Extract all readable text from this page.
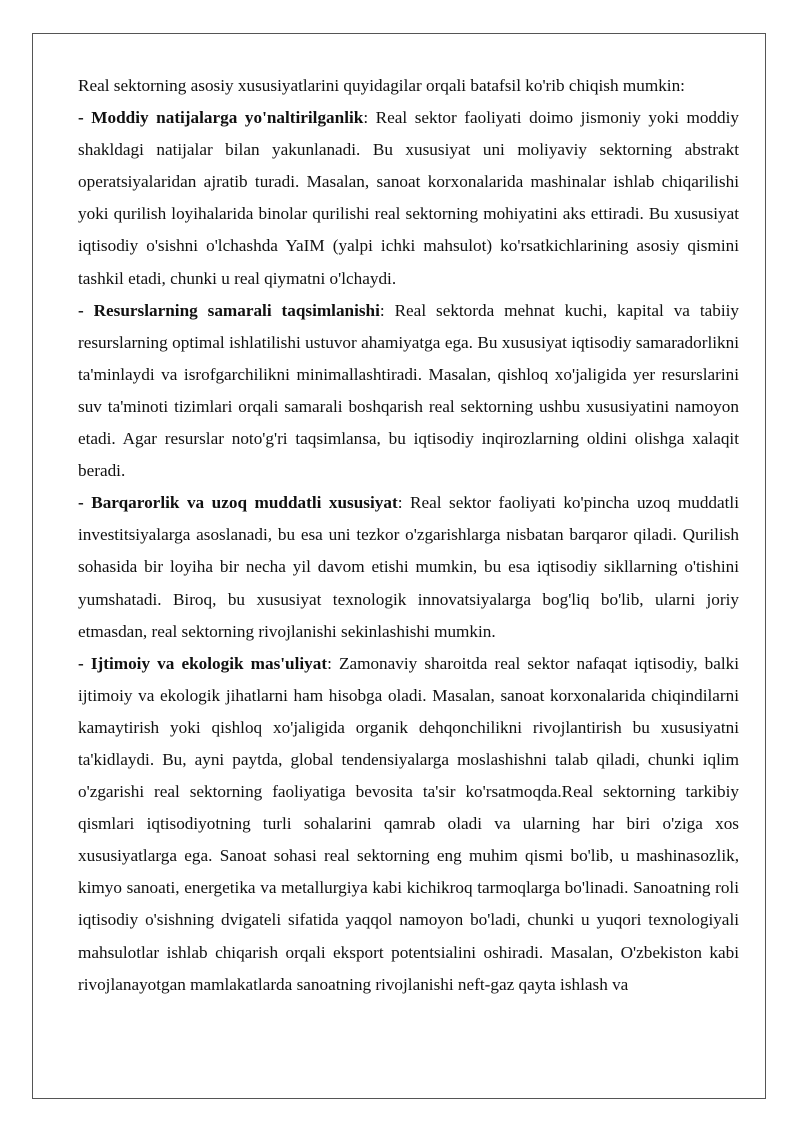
Real sektorning asosiy xususiyatlarini quyidagilar orqali batafsil ko'rib chiqish mumkin:

- Moddiy natijalarga yo'naltirilganlik: Real sektor faoliyati doimo jismoniy yoki moddiy shakldagi natijalar bilan yakunlanadi. Bu xususiyat uni moliyaviy sektorning abstrakt operatsiyalaridan ajratib turadi. Masalan, sanoat korxonalarida mashinalar ishlab chiqarilishi yoki qurilish loyihalarida binolar qurilishi real sektorning mohiyatini aks ettiradi. Bu xususiyat iqtisodiy o'sishni o'lchashda YaIM (yalpi ichki mahsulot) ko'rsatkichlarining asosiy qismini tashkil etadi, chunki u real qiymatni o'lchaydi.

- Resurslarning samarali taqsimlanishi: Real sektorda mehnat kuchi, kapital va tabiiy resurslarning optimal ishlatilishi ustuvor ahamiyatga ega. Bu xususiyat iqtisodiy samaradorlikni ta'minlaydi va isrofgarchilikni minimallashtiradi. Masalan, qishloq xo'jaligida yer resurslarini suv ta'minoti tizimlari orqali samarali boshqarish real sektorning ushbu xususiyatini namoyon etadi. Agar resurslar noto'g'ri taqsimlansa, bu iqtisodiy inqirozlarning oldini olishga xalaqit beradi.

- Barqarorlik va uzoq muddatli xususiyat: Real sektor faoliyati ko'pincha uzoq muddatli investitsiyalarga asoslanadi, bu esa uni tezkor o'zgarishlarga nisbatan barqaror qiladi. Qurilish sohasida bir loyiha bir necha yil davom etishi mumkin, bu esa iqtisodiy sikllarning o'tishini yumshatadi. Biroq, bu xususiyat texnologik innovatsiyalarga bog'liq bo'lib, ularni joriy etmasdan, real sektorning rivojlanishi sekinlashishi mumkin.

- Ijtimoiy va ekologik mas'uliyat: Zamonaviy sharoitda real sektor nafaqat iqtisodiy, balki ijtimoiy va ekologik jihatlarni ham hisobga oladi. Masalan, sanoat korxonalarida chiqindilarni kamaytirish yoki qishloq xo'jaligida organik dehqonchilikni rivojlantirish bu xususiyatni ta'kidlaydi. Bu, ayni paytda, global tendensiyalarga moslashishni talab qiladi, chunki iqlim o'zgarishi real sektorning faoliyatiga bevosita ta'sir ko'rsatmoqda.Real sektorning tarkibiy qismlari iqtisodiyotning turli sohalarini qamrab oladi va ularning har biri o'ziga xos xususiyatlarga ega. Sanoat sohasi real sektorning eng muhim qismi bo'lib, u mashinasozlik, kimyo sanoati, energetika va metallurgiya kabi kichikroq tarmoqlarga bo'linadi. Sanoatning roli iqtisodiy o'sishning dvigateli sifatida yaqqol namoyon bo'ladi, chunki u yuqori texnologiyali mahsulotlar ishlab chiqarish orqali eksport potentsialini oshiradi. Masalan, O'zbekiston kabi rivojlanayotgan mamlakatlarda sanoatning rivojlanishi neft-gaz qayta ishlash va
